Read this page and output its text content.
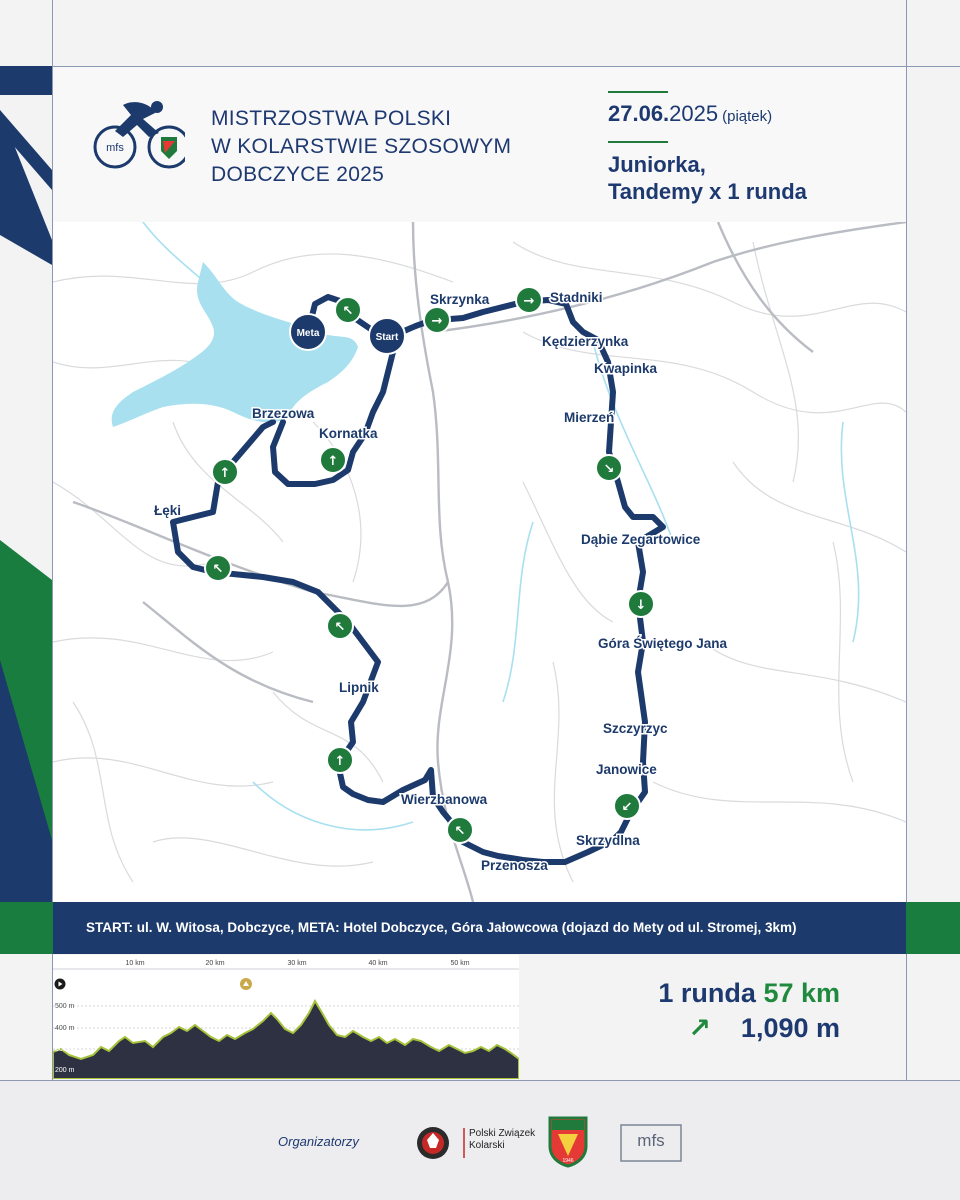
mfs
MISTRZOSTWA POLSKI
W KOLARSTWIE SZOSOWYM
DOBCZYCE 2025
27.06.2025 (piątek)
Juniorka,
Tandemy x 1 runda
Meta	Start
↖
→
→
↘
↓
↙
↖
↑
↖
↖
↑
↑
Skrzynka	Stadniki
Kędzierzynka
Kwapinka
Mierzeń
Dąbie Zegartowice
Góra Świętego Jana
Szczyrzyc
Janowice
Skrzydlna
Przenosza
Wierzbanowa
Lipnik
Łęki
Brzezowa
Kornatka
START: ul. W. Witosa, Dobczyce, META: Hotel Dobczyce, Góra Jałowcowa (dojazd do Mety od ul. Stromej, 3km)
10 km	20 km	30 km	40 km	50 km
500 m
400 m
300 m
200 m
1 runda 57 km
↗ 1,090 m
Organizatorzy
Polski Związek
Kolarski
1946
mfs
